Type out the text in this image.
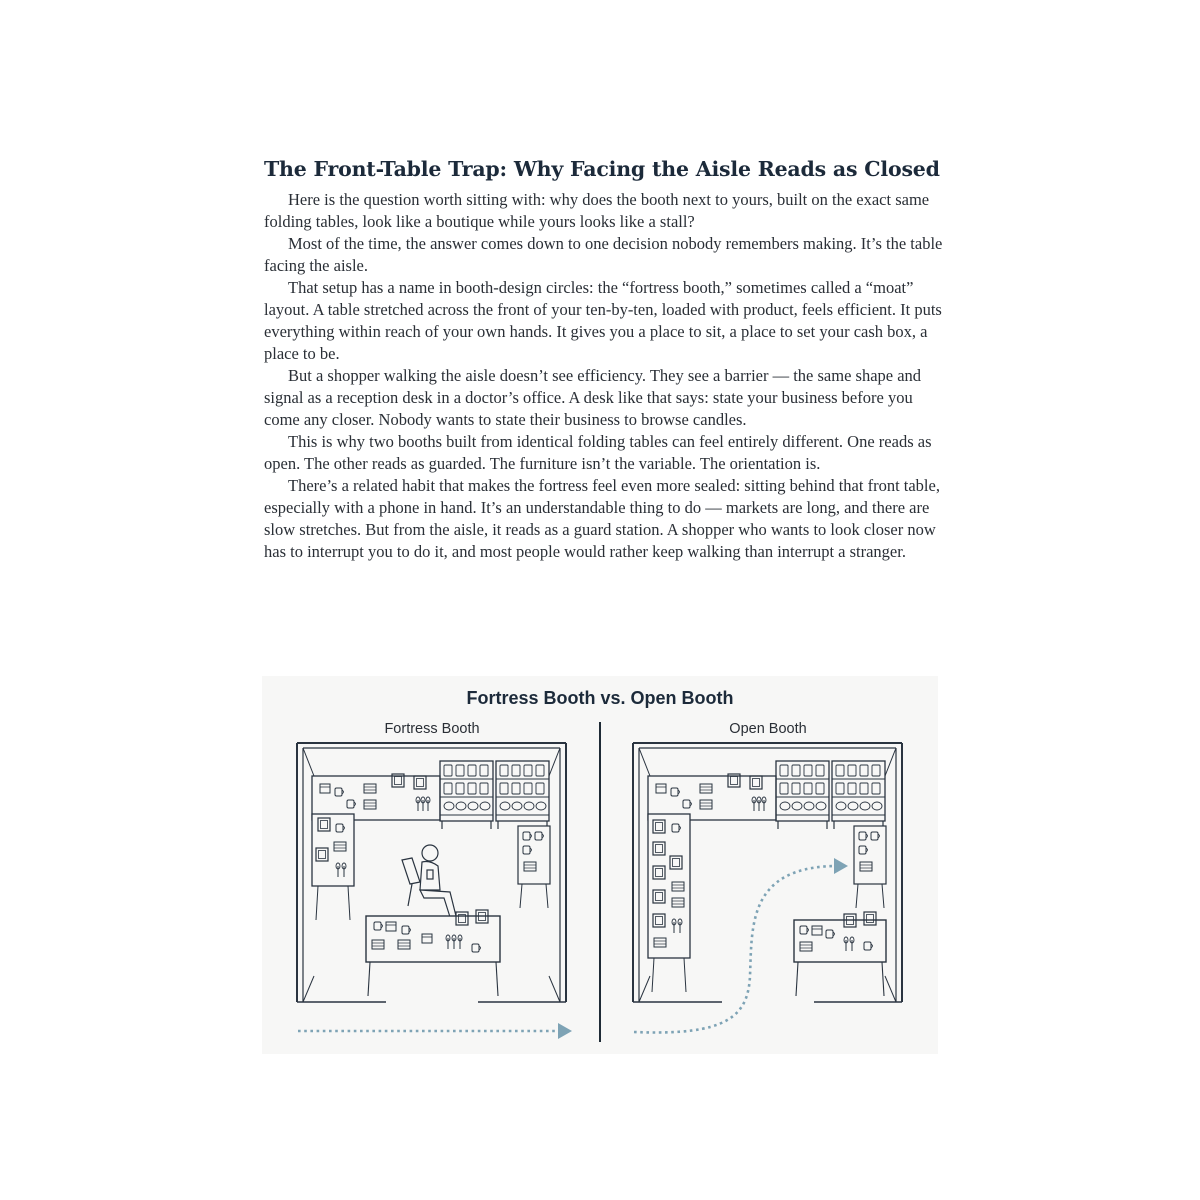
The Front-Table Trap: Why Facing the Aisle Reads as Closed

Here is the question worth sitting with: why does the booth next to yours, built on the exact same folding tables, look like a boutique while yours looks like a stall?

Most of the time, the answer comes down to one decision nobody remembers making. It’s the table facing the aisle.

That setup has a name in booth-design circles: the “fortress booth,” sometimes called a “moat” layout. A table stretched across the front of your ten-by-ten, loaded with product, feels efficient. It puts everything within reach of your own hands. It gives you a place to sit, a place to set your cash box, a place to be.

But a shopper walking the aisle doesn’t see efficiency. They see a barrier — the same shape and signal as a reception desk in a doctor’s office. A desk like that says: state your business before you come any closer. Nobody wants to state their business to browse candles.

This is why two booths built from identical folding tables can feel entirely different. One reads as open. The other reads as guarded. The furniture isn’t the variable. The orientation is.

There’s a related habit that makes the fortress feel even more sealed: sitting behind that front table, especially with a phone in hand. It’s an understandable thing to do — markets are long, and there are slow stretches. But from the aisle, it reads as a guard station. A shopper who wants to look closer now has to interrupt you to do it, and most people would rather keep walking than interrupt a stranger.

Fortress Booth vs. Open Booth
Fortress Booth	Open Booth
